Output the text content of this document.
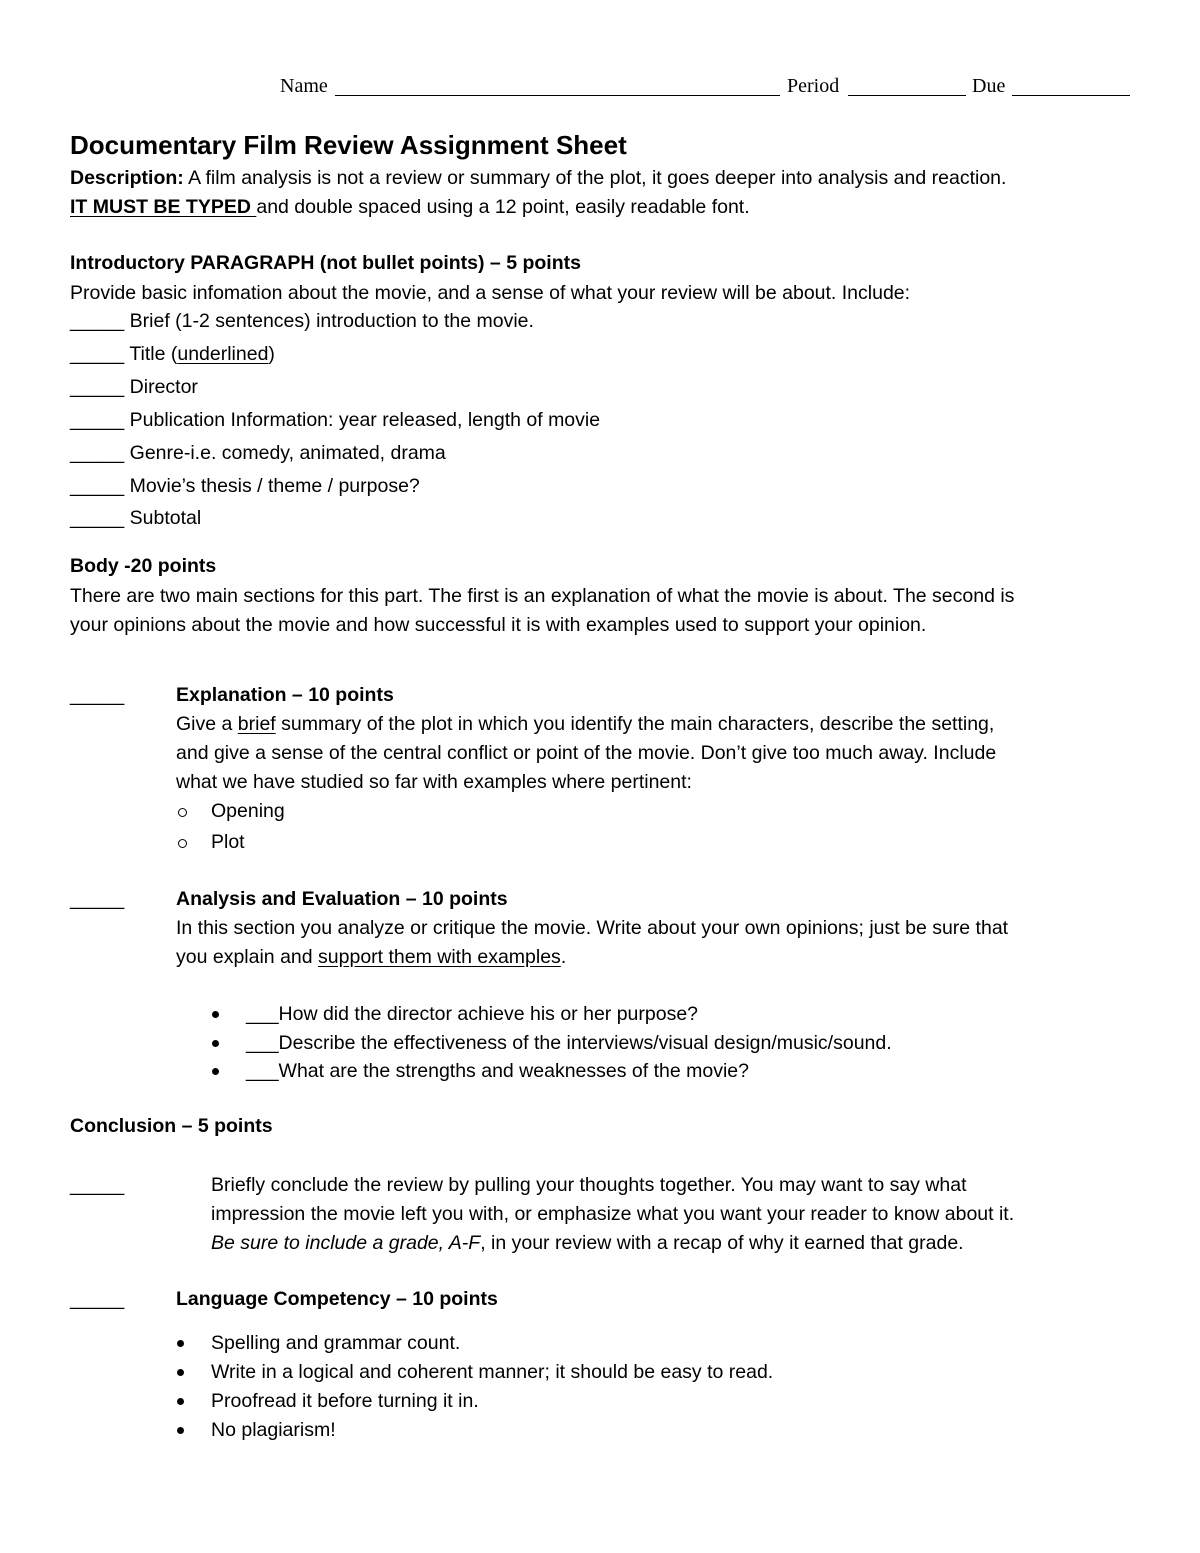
Name	Period	Due
Documentary Film Review Assignment Sheet
Description: A film analysis is not a review or summary of the plot, it goes deeper into analysis and reaction.
IT MUST BE TYPED and double spaced using a 12 point, easily readable font.
Introductory PARAGRAPH (not bullet points) – 5 points
Provide basic infomation about the movie, and a sense of what your review will be about. Include:
_____ Brief (1-2 sentences) introduction to the movie.
_____ Title (underlined)
_____ Director
_____ Publication Information: year released, length of movie
_____ Genre-i.e. comedy, animated, drama
_____ Movie’s thesis / theme / purpose?
_____ Subtotal
Body -20 points
There are two main sections for this part. The first is an explanation of what the movie is about. The second is
your opinions about the movie and how successful it is with examples used to support your opinion.
_____	Explanation – 10 points
Give a brief summary of the plot in which you identify the main characters, describe the setting,
and give a sense of the central conflict or point of the movie. Don’t give too much away. Include
what we have studied so far with examples where pertinent:
Opening
Plot
_____	Analysis and Evaluation – 10 points
In this section you analyze or critique the movie. Write about your own opinions; just be sure that
you explain and support them with examples.
___How did the director achieve his or her purpose?
___Describe the effectiveness of the interviews/visual design/music/sound.
___What are the strengths and weaknesses of the movie?
Conclusion – 5 points
_____	Briefly conclude the review by pulling your thoughts together. You may want to say what
impression the movie left you with, or emphasize what you want your reader to know about it.
Be sure to include a grade, A-F, in your review with a recap of why it earned that grade.
_____	Language Competency – 10 points
Spelling and grammar count.
Write in a logical and coherent manner; it should be easy to read.
Proofread it before turning it in.
No plagiarism!
